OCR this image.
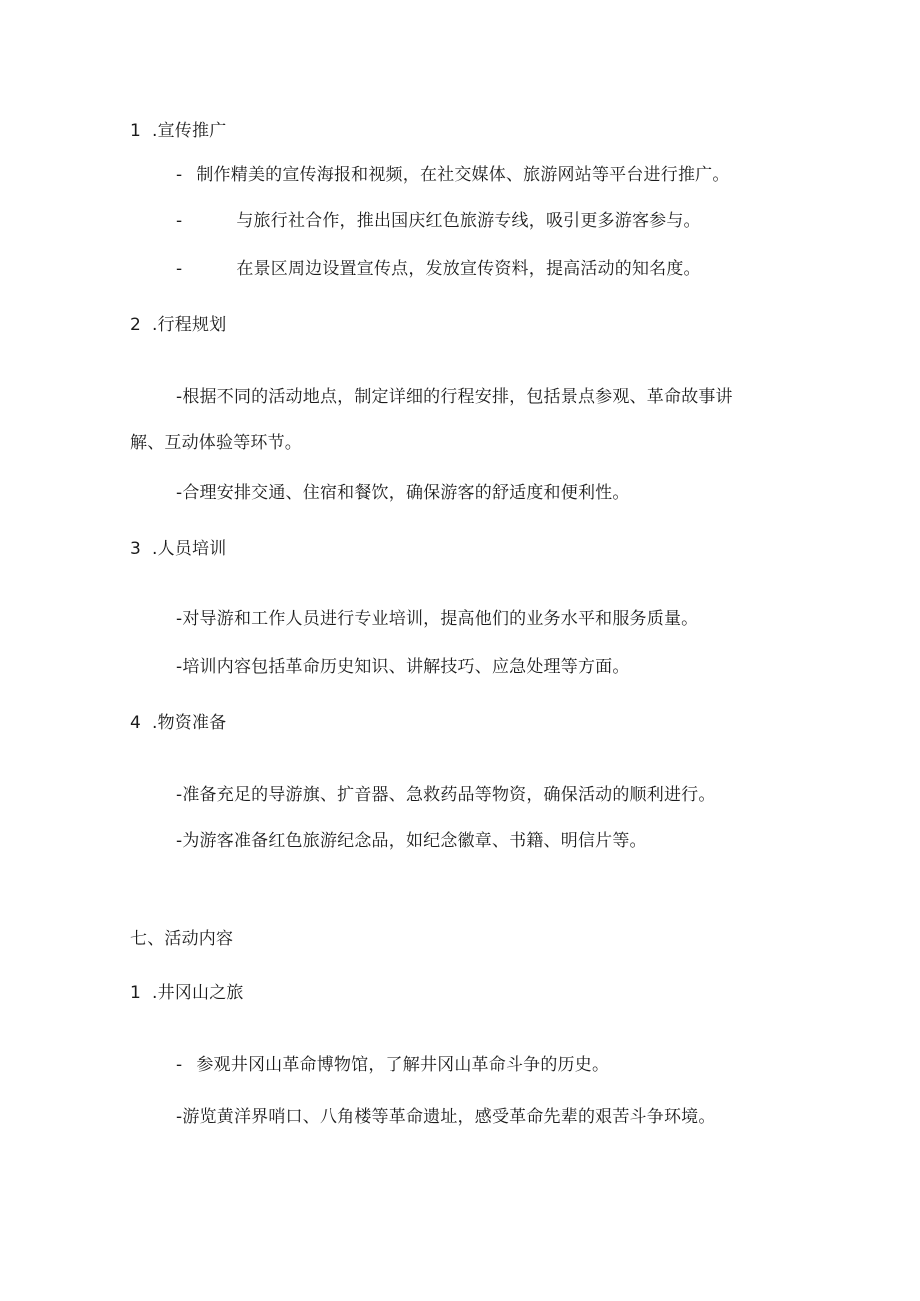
1 .宣传推广
- 制作精美的宣传海报和视频，在社交媒体、旅游网站等平台进行推广。
-	与旅行社合作，推出国庆红色旅游专线，吸引更多游客参与。
-	在景区周边设置宣传点，发放宣传资料，提高活动的知名度。
2 .行程规划
-根据不同的活动地点，制定详细的行程安排，包括景点参观、革命故事讲
解、互动体验等环节。
-合理安排交通、住宿和餐饮，确保游客的舒适度和便利性。
3 .人员培训
-对导游和工作人员进行专业培训，提高他们的业务水平和服务质量。
-培训内容包括革命历史知识、讲解技巧、应急处理等方面。
4 .物资准备
-准备充足的导游旗、扩音器、急救药品等物资，确保活动的顺利进行。
-为游客准备红色旅游纪念品，如纪念徽章、书籍、明信片等。
七、活动内容
1 .井冈山之旅
- 参观井冈山革命博物馆，了解井冈山革命斗争的历史。
-游览黄洋界哨口、八角楼等革命遗址，感受革命先辈的艰苦斗争环境。
